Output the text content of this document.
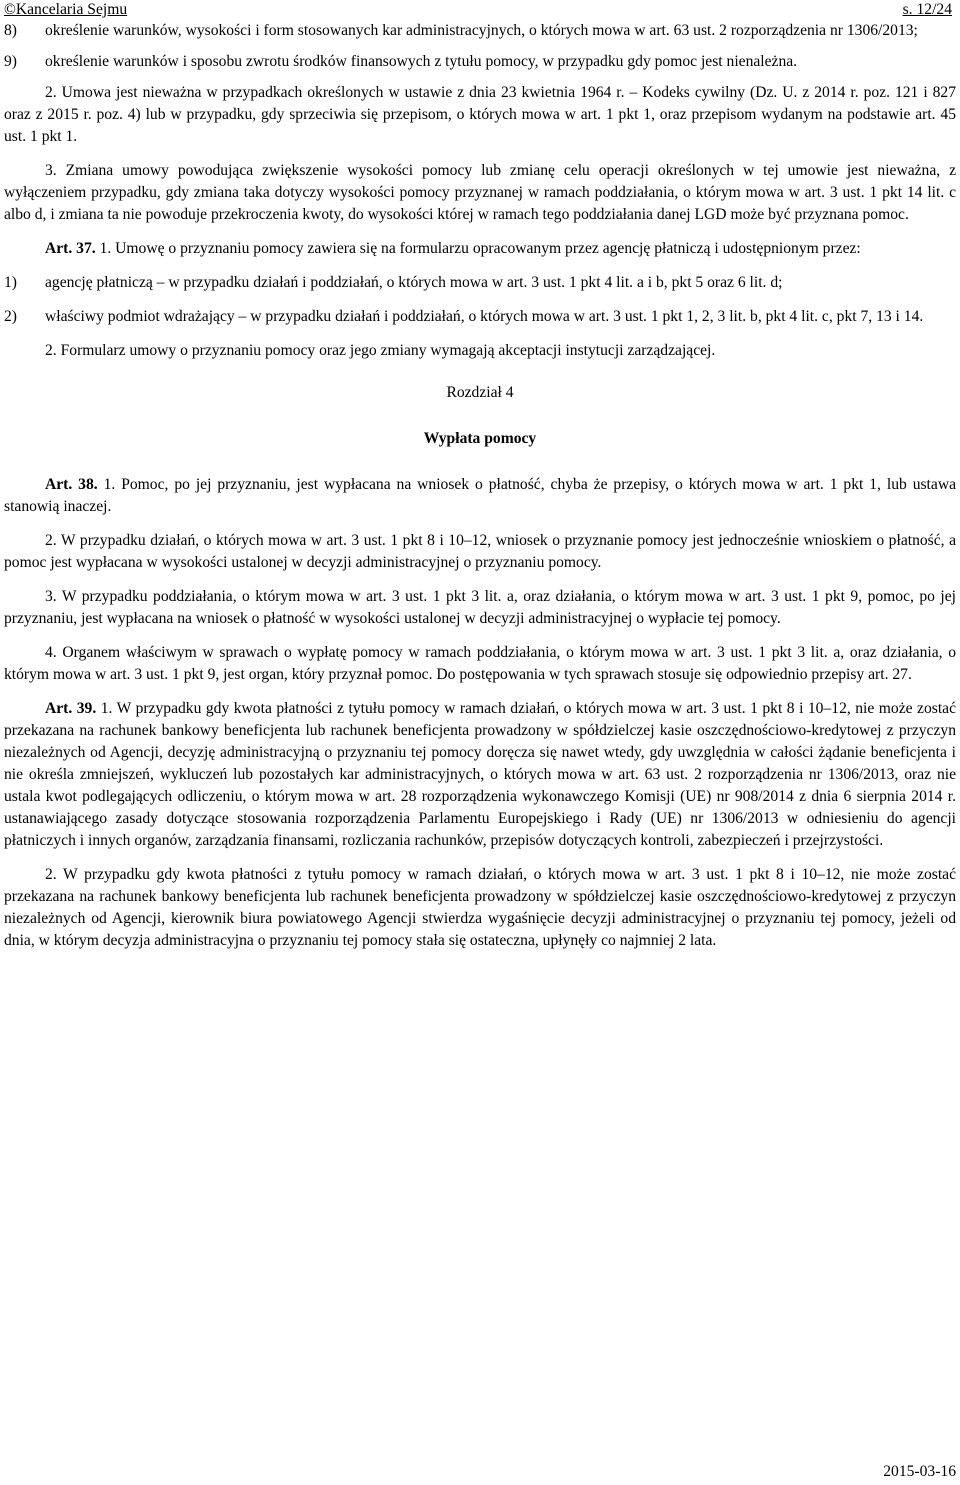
©Kancelaria Sejmu	s. 12/24
8)	określenie warunków, wysokości i form stosowanych kar administracyjnych, o których mowa w art. 63 ust. 2 rozporządzenia nr 1306/2013;
9)	określenie warunków i sposobu zwrotu środków finansowych z tytułu pomocy, w przypadku gdy pomoc jest nienależna.

2. Umowa jest nieważna w przypadkach określonych w ustawie z dnia 23 kwietnia 1964 r. – Kodeks cywilny (Dz. U. z 2014 r. poz. 121 i 827 oraz z 2015 r. poz. 4) lub w przypadku, gdy sprzeciwia się przepisom, o których mowa w art. 1 pkt 1, oraz przepisom wydanym na podstawie art. 45 ust. 1 pkt 1.

3. Zmiana umowy powodująca zwiększenie wysokości pomocy lub zmianę celu operacji określonych w tej umowie jest nieważna, z wyłączeniem przypadku, gdy zmiana taka dotyczy wysokości pomocy przyznanej w ramach poddziałania, o którym mowa w art. 3 ust. 1 pkt 14 lit. c albo d, i zmiana ta nie powoduje przekroczenia kwoty, do wysokości której w ramach tego poddziałania danej LGD może być przyznana pomoc.

Art. 37. 1. Umowę o przyznaniu pomocy zawiera się na formularzu opracowanym przez agencję płatniczą i udostępnionym przez:

1)	agencję płatniczą – w przypadku działań i poddziałań, o których mowa w art. 3 ust. 1 pkt 4 lit. a i b, pkt 5 oraz 6 lit. d;
2)	właściwy podmiot wdrażający – w przypadku działań i poddziałań, o których mowa w art. 3 ust. 1 pkt 1, 2, 3 lit. b, pkt 4 lit. c, pkt 7, 13 i 14.

2. Formularz umowy o przyznaniu pomocy oraz jego zmiany wymagają akceptacji instytucji zarządzającej.

Rozdział 4

Wypłata pomocy

Art. 38. 1. Pomoc, po jej przyznaniu, jest wypłacana na wniosek o płatność, chyba że przepisy, o których mowa w art. 1 pkt 1, lub ustawa stanowią inaczej.

2. W przypadku działań, o których mowa w art. 3 ust. 1 pkt 8 i 10–12, wniosek o przyznanie pomocy jest jednocześnie wnioskiem o płatność, a pomoc jest wypłacana w wysokości ustalonej w decyzji administracyjnej o przyznaniu pomocy.

3. W przypadku poddziałania, o którym mowa w art. 3 ust. 1 pkt 3 lit. a, oraz działania, o którym mowa w art. 3 ust. 1 pkt 9, pomoc, po jej przyznaniu, jest wypłacana na wniosek o płatność w wysokości ustalonej w decyzji administracyjnej o wypłacie tej pomocy.

4. Organem właściwym w sprawach o wypłatę pomocy w ramach poddziałania, o którym mowa w art. 3 ust. 1 pkt 3 lit. a, oraz działania, o którym mowa w art. 3 ust. 1 pkt 9, jest organ, który przyznał pomoc. Do postępowania w tych sprawach stosuje się odpowiednio przepisy art. 27.

Art. 39. 1. W przypadku gdy kwota płatności z tytułu pomocy w ramach działań, o których mowa w art. 3 ust. 1 pkt 8 i 10–12, nie może zostać przekazana na rachunek bankowy beneficjenta lub rachunek beneficjenta prowadzony w spółdzielczej kasie oszczędnościowo-kredytowej z przyczyn niezależnych od Agencji, decyzję administracyjną o przyznaniu tej pomocy doręcza się nawet wtedy, gdy uwzględnia w całości żądanie beneficjenta i nie określa zmniejszeń, wykluczeń lub pozostałych kar administracyjnych, o których mowa w art. 63 ust. 2 rozporządzenia nr 1306/2013, oraz nie ustala kwot podlegających odliczeniu, o którym mowa w art. 28 rozporządzenia wykonawczego Komisji (UE) nr 908/2014 z dnia 6 sierpnia 2014 r. ustanawiającego zasady dotyczące stosowania rozporządzenia Parlamentu Europejskiego i Rady (UE) nr 1306/2013 w odniesieniu do agencji płatniczych i innych organów, zarządzania finansami, rozliczania rachunków, przepisów dotyczących kontroli, zabezpieczeń i przejrzystości.

2. W przypadku gdy kwota płatności z tytułu pomocy w ramach działań, o których mowa w art. 3 ust. 1 pkt 8 i 10–12, nie może zostać przekazana na rachunek bankowy beneficjenta lub rachunek beneficjenta prowadzony w spółdzielczej kasie oszczędnościowo-kredytowej z przyczyn niezależnych od Agencji, kierownik biura powiatowego Agencji stwierdza wygaśnięcie decyzji administracyjnej o przyznaniu tej pomocy, jeżeli od dnia, w którym decyzja administracyjna o przyznaniu tej pomocy stała się ostateczna, upłynęły co najmniej 2 lata.

2015-03-16
